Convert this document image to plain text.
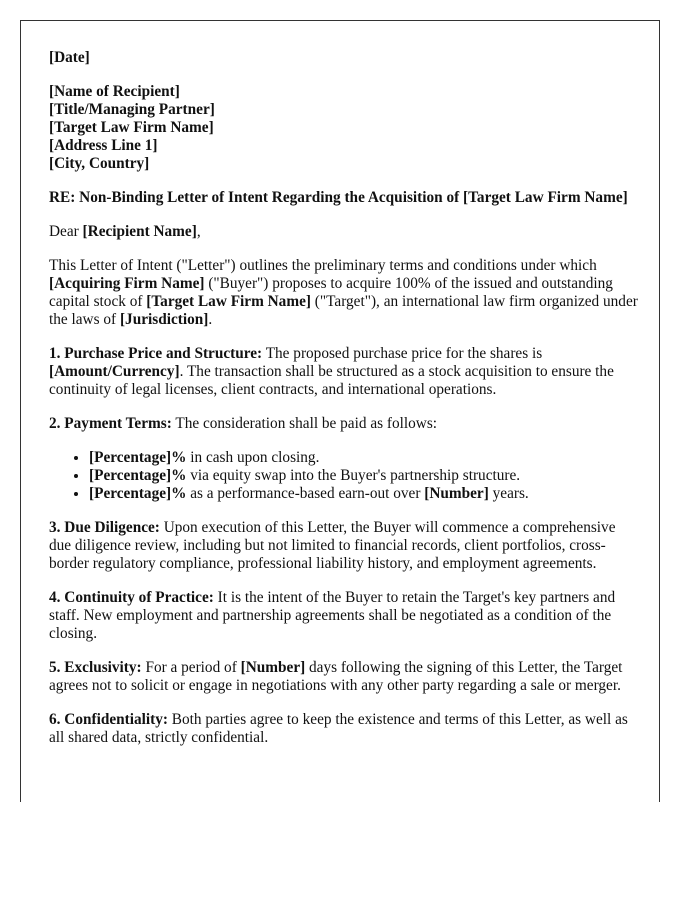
[Date]

[Name of Recipient]
[Title/Managing Partner]
[Target Law Firm Name]
[Address Line 1]
[City, Country]

RE: Non-Binding Letter of Intent Regarding the Acquisition of [Target Law Firm Name]

Dear [Recipient Name],

This Letter of Intent ("Letter") outlines the preliminary terms and conditions under which [Acquiring Firm Name] ("Buyer") proposes to acquire 100% of the issued and outstanding capital stock of [Target Law Firm Name] ("Target"), an international law firm organized under the laws of [Jurisdiction].

1. Purchase Price and Structure: The proposed purchase price for the shares is [Amount/Currency]. The transaction shall be structured as a stock acquisition to ensure the continuity of legal licenses, client contracts, and international operations.

2. Payment Terms: The consideration shall be paid as follows:

• [Percentage]% in cash upon closing.
• [Percentage]% via equity swap into the Buyer's partnership structure.
• [Percentage]% as a performance-based earn-out over [Number] years.

3. Due Diligence: Upon execution of this Letter, the Buyer will commence a comprehensive due diligence review, including but not limited to financial records, client portfolios, cross-border regulatory compliance, professional liability history, and employment agreements.

4. Continuity of Practice: It is the intent of the Buyer to retain the Target's key partners and staff. New employment and partnership agreements shall be negotiated as a condition of the closing.

5. Exclusivity: For a period of [Number] days following the signing of this Letter, the Target agrees not to solicit or engage in negotiations with any other party regarding a sale or merger.

6. Confidentiality: Both parties agree to keep the existence and terms of this Letter, as well as all shared data, strictly confidential.
